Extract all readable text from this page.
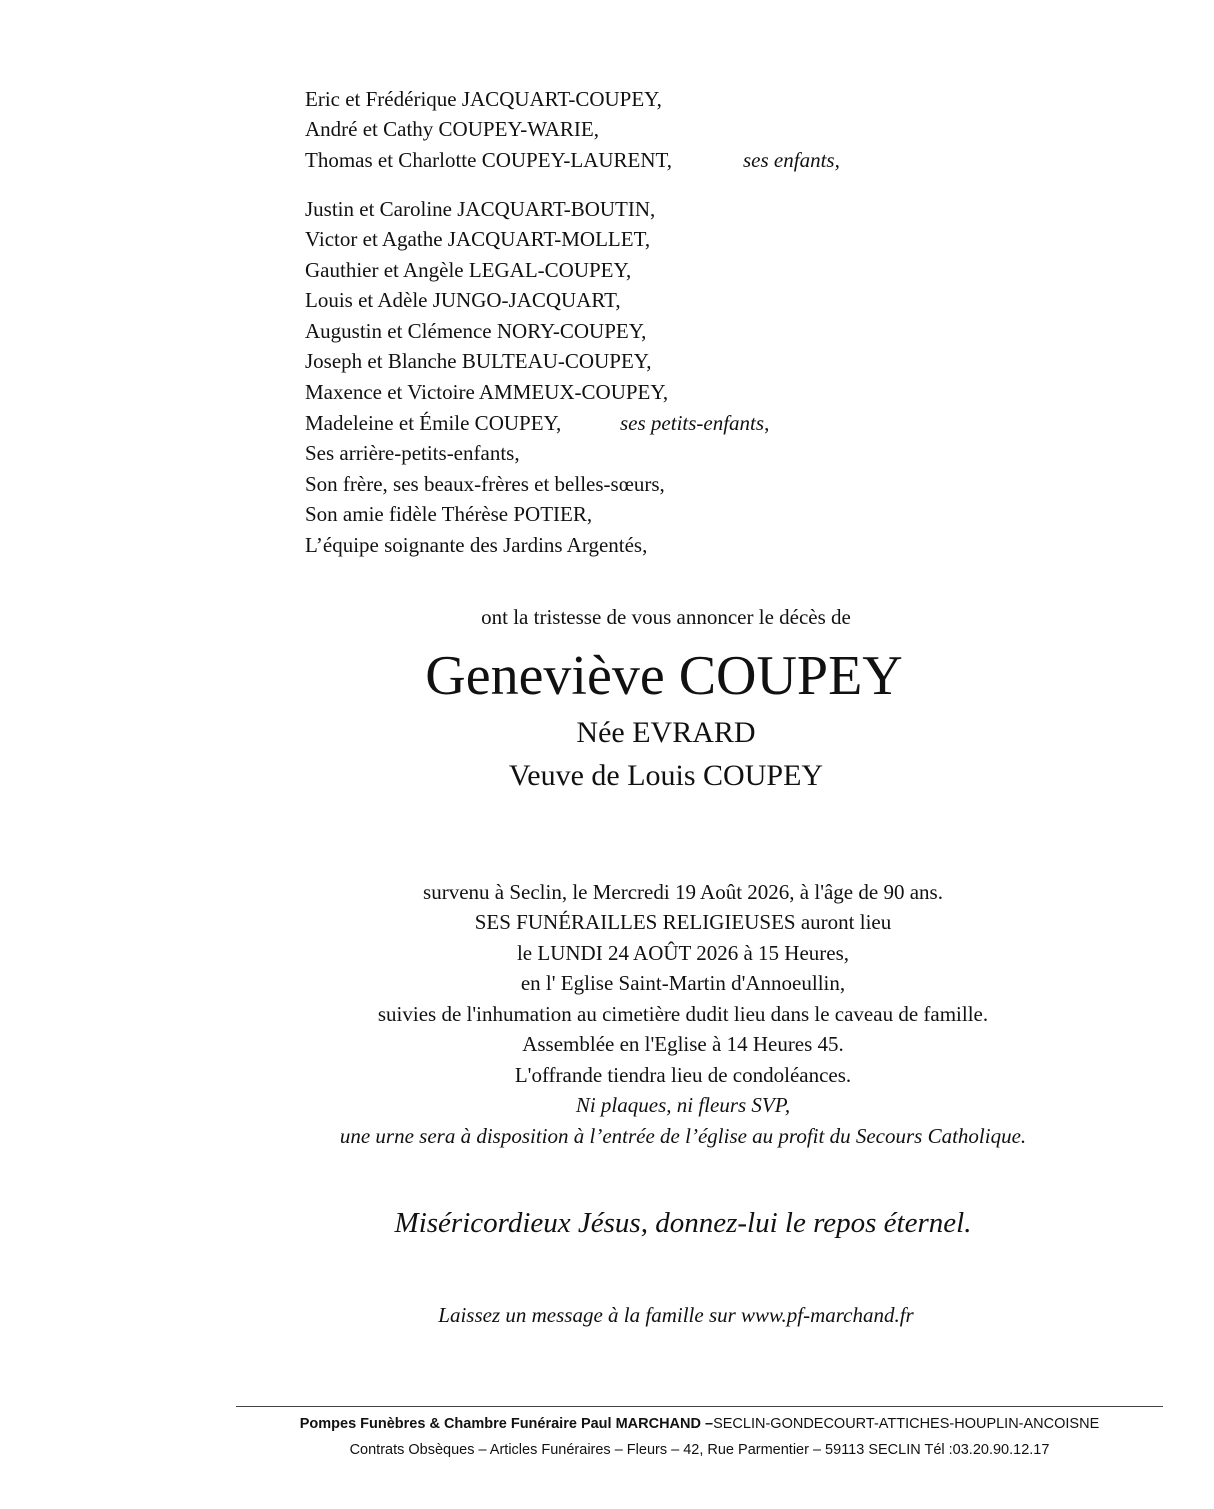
Eric et Frédérique JACQUART-COUPEY,
André et Cathy COUPEY-WARIE,
Thomas et Charlotte COUPEY-LAURENT,	ses enfants,
Justin et Caroline JACQUART-BOUTIN,
Victor et Agathe JACQUART-MOLLET,
Gauthier et Angèle LEGAL-COUPEY,
Louis et Adèle JUNGO-JACQUART,
Augustin et Clémence NORY-COUPEY,
Joseph et Blanche BULTEAU-COUPEY,
Maxence et Victoire AMMEUX-COUPEY,
Madeleine et Émile COUPEY,	ses petits-enfants,
Ses arrière-petits-enfants,
Son frère, ses beaux-frères et belles-sœurs,
Son amie fidèle Thérèse POTIER,
L’équipe soignante des Jardins Argentés,
ont la tristesse de vous annoncer le décès de
Geneviève COUPEY
Née EVRARD
Veuve de Louis COUPEY
survenu à Seclin, le Mercredi 19 Août 2026, à l'âge de 90 ans.
SES FUNÉRAILLES RELIGIEUSES auront lieu
le LUNDI 24 AOÛT 2026 à 15 Heures,
en l' Eglise Saint-Martin d'Annoeullin,
suivies de l'inhumation au cimetière dudit lieu dans le caveau de famille.
Assemblée en l'Eglise à 14 Heures 45.
L'offrande tiendra lieu de condoléances.
Ni plaques, ni fleurs SVP,
une urne sera à disposition à l’entrée de l’église au profit du Secours Catholique.
Miséricordieux Jésus, donnez-lui le repos éternel.
Laissez un message à la famille sur www.pf-marchand.fr
Pompes Funèbres & Chambre Funéraire Paul MARCHAND –SECLIN-GONDECOURT-ATTICHES-HOUPLIN-ANCOISNE
Contrats Obsèques – Articles Funéraires – Fleurs – 42, Rue Parmentier – 59113 SECLIN Tél :03.20.90.12.17
